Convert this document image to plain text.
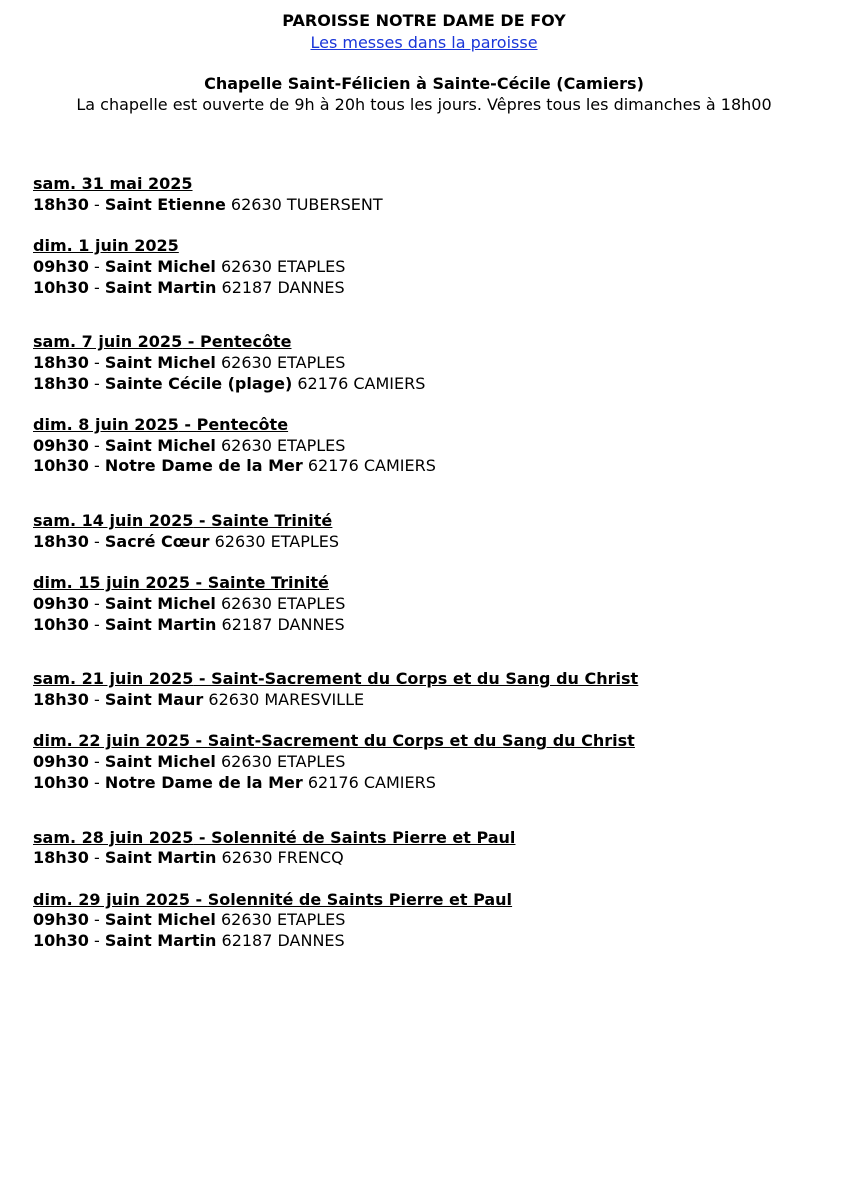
PAROISSE NOTRE DAME DE FOY
Les messes dans la paroisse
Chapelle Saint-Félicien à Sainte-Cécile (Camiers)
La chapelle est ouverte de 9h à 20h tous les jours. Vêpres tous les dimanches à 18h00
sam. 31 mai 2025
18h30 - Saint Etienne 62630 TUBERSENT
dim. 1 juin 2025
09h30 - Saint Michel 62630 ETAPLES
10h30 - Saint Martin 62187 DANNES
sam. 7 juin 2025 - Pentecôte
18h30 - Saint Michel 62630 ETAPLES
18h30 - Sainte Cécile (plage) 62176 CAMIERS
dim. 8 juin 2025 - Pentecôte
09h30 - Saint Michel 62630 ETAPLES
10h30 - Notre Dame de la Mer 62176 CAMIERS
sam. 14 juin 2025 - Sainte Trinité
18h30 - Sacré Cœur 62630 ETAPLES
dim. 15 juin 2025 - Sainte Trinité
09h30 - Saint Michel 62630 ETAPLES
10h30 - Saint Martin 62187 DANNES
sam. 21 juin 2025 - Saint-Sacrement du Corps et du Sang du Christ
18h30 - Saint Maur 62630 MARESVILLE
dim. 22 juin 2025 - Saint-Sacrement du Corps et du Sang du Christ
09h30 - Saint Michel 62630 ETAPLES
10h30 - Notre Dame de la Mer 62176 CAMIERS
sam. 28 juin 2025 - Solennité de Saints Pierre et Paul
18h30 - Saint Martin 62630 FRENCQ
dim. 29 juin 2025 - Solennité de Saints Pierre et Paul
09h30 - Saint Michel 62630 ETAPLES
10h30 - Saint Martin 62187 DANNES
